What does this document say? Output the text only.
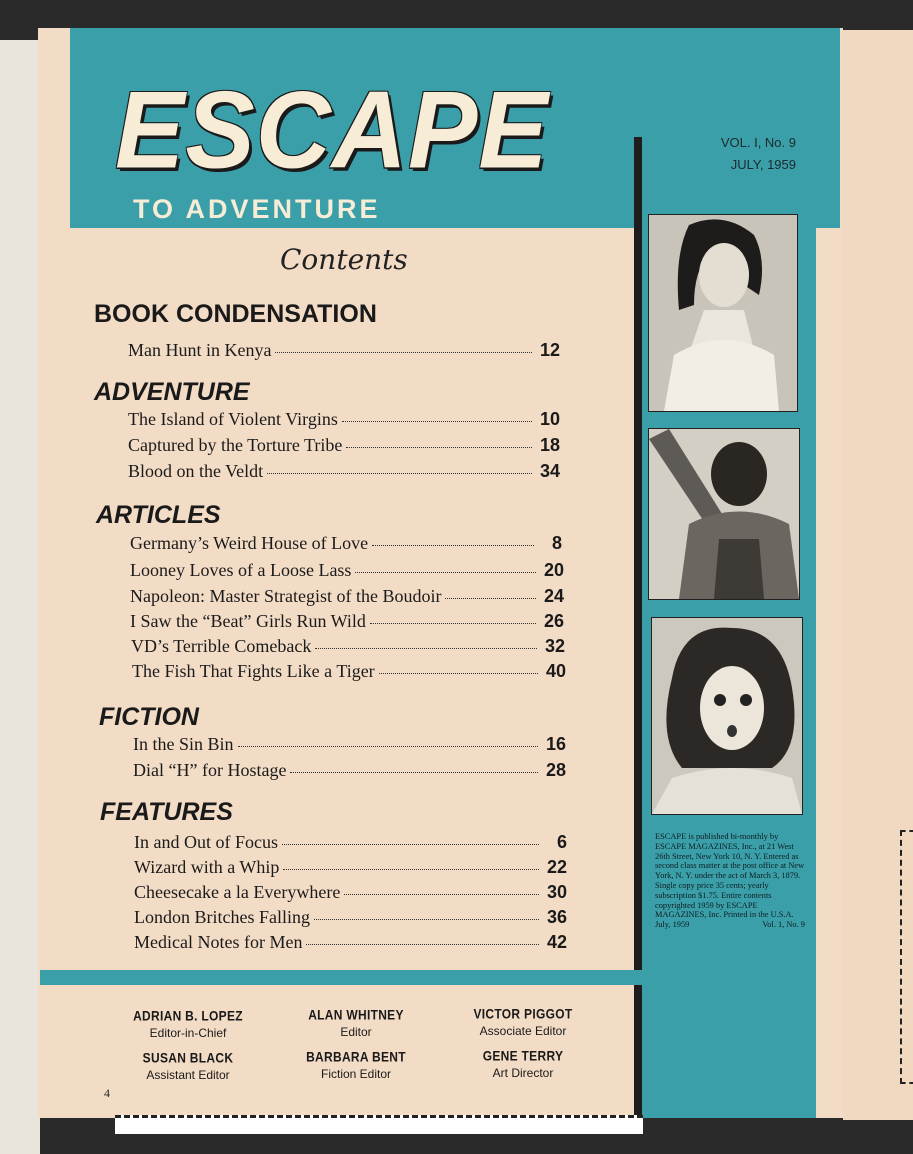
ESCAPE
TO ADVENTURE
VOL. I, No. 9
JULY, 1959
Contents
ESCAPE is published bi-monthly by ESCAPE MAGAZINES, Inc., at 21 West 26th Street, New York 10, N. Y. Entered as second class matter at the post office at New York, N. Y. under the act of March 3, 1879. Single copy price 35 cents; yearly subscription $1.75. Entire contents copyrighted 1959 by ESCAPE MAGAZINES, Inc. Printed in the U.S.A.
July, 1959	Vol. 1, No. 9
BOOK CONDENSATION
Man Hunt in Kenya	12
ADVENTURE
The Island of Violent Virgins	10
Captured by the Torture Tribe	18
Blood on the Veldt	34
ARTICLES
Germany’s Weird House of Love	8
Looney Loves of a Loose Lass	20
Napoleon: Master Strategist of the Boudoir	24
I Saw the “Beat” Girls Run Wild	26
VD’s Terrible Comeback	32
The Fish That Fights Like a Tiger	40
FICTION
In the Sin Bin	16
Dial “H” for Hostage	28
FEATURES
In and Out of Focus	6
Wizard with a Whip	22
Cheesecake a la Everywhere	30
London Britches Falling	36
Medical Notes for Men	42
ADRIAN B. LOPEZ
Editor-in-Chief
ALAN WHITNEY
Editor
VICTOR PIGGOT
Associate Editor
SUSAN BLACK
Assistant Editor
BARBARA BENT
Fiction Editor
GENE TERRY
Art Director
4
